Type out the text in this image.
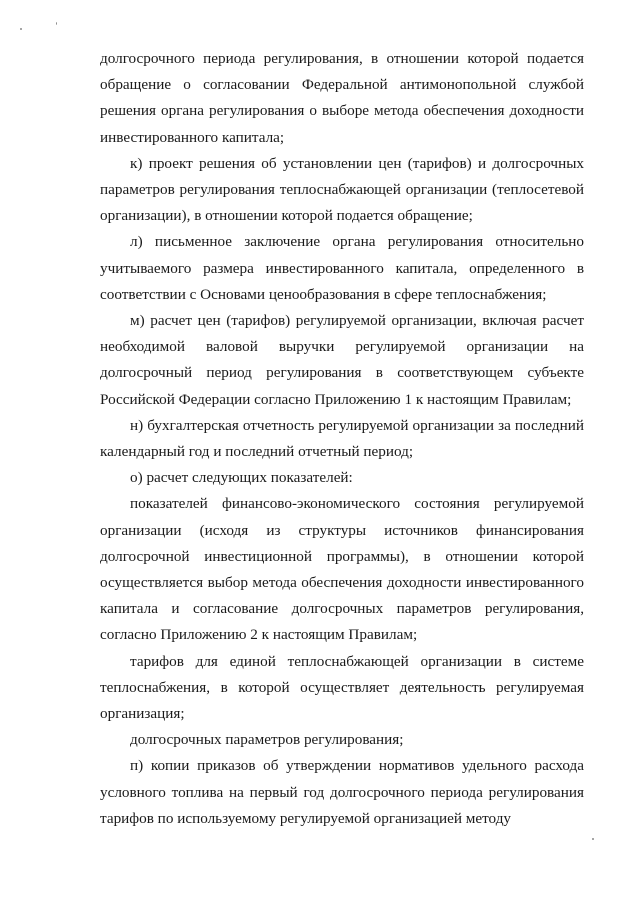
долгосрочного периода регулирования, в отношении которой подается обращение о согласовании Федеральной антимонопольной службой решения органа регулирования о выборе метода обеспечения доходности инвестированного капитала;

к) проект решения об установлении цен (тарифов) и долгосрочных параметров регулирования теплоснабжающей организации (теплосетевой организации), в отношении которой подается обращение;

л) письменное заключение органа регулирования относительно учитываемого размера инвестированного капитала, определенного в соответствии с Основами ценообразования в сфере теплоснабжения;

м) расчет цен (тарифов) регулируемой организации, включая расчет необходимой валовой выручки регулируемой организации на долгосрочный период регулирования в соответствующем субъекте Российской Федерации согласно Приложению 1 к настоящим Правилам;

н) бухгалтерская отчетность регулируемой организации за последний календарный год и последний отчетный период;

о) расчет следующих показателей:

показателей финансово-экономического состояния регулируемой организации (исходя из структуры источников финансирования долгосрочной инвестиционной программы), в отношении которой осуществляется выбор метода обеспечения доходности инвестированного капитала и согласование долгосрочных параметров регулирования, согласно Приложению 2 к настоящим Правилам;

тарифов для единой теплоснабжающей организации в системе теплоснабжения, в которой осуществляет деятельность регулируемая организация;

долгосрочных параметров регулирования;

п) копии приказов об утверждении нормативов удельного расхода условного топлива на первый год долгосрочного периода регулирования тарифов по используемому регулируемой организацией методу
